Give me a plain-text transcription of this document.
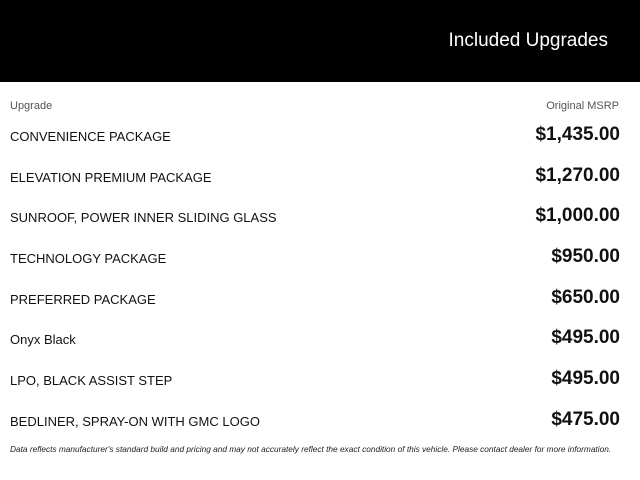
Included Upgrades
Upgrade	Original MSRP
CONVENIENCE PACKAGE	$1,435.00
ELEVATION PREMIUM PACKAGE	$1,270.00
SUNROOF, POWER INNER SLIDING GLASS	$1,000.00
TECHNOLOGY PACKAGE	$950.00
PREFERRED PACKAGE	$650.00
Onyx Black	$495.00
LPO, BLACK ASSIST STEP	$495.00
BEDLINER, SPRAY-ON WITH GMC LOGO	$475.00
Data reflects manufacturer's standard build and pricing and may not accurately reflect the exact condition of this vehicle. Please contact dealer for more information.
